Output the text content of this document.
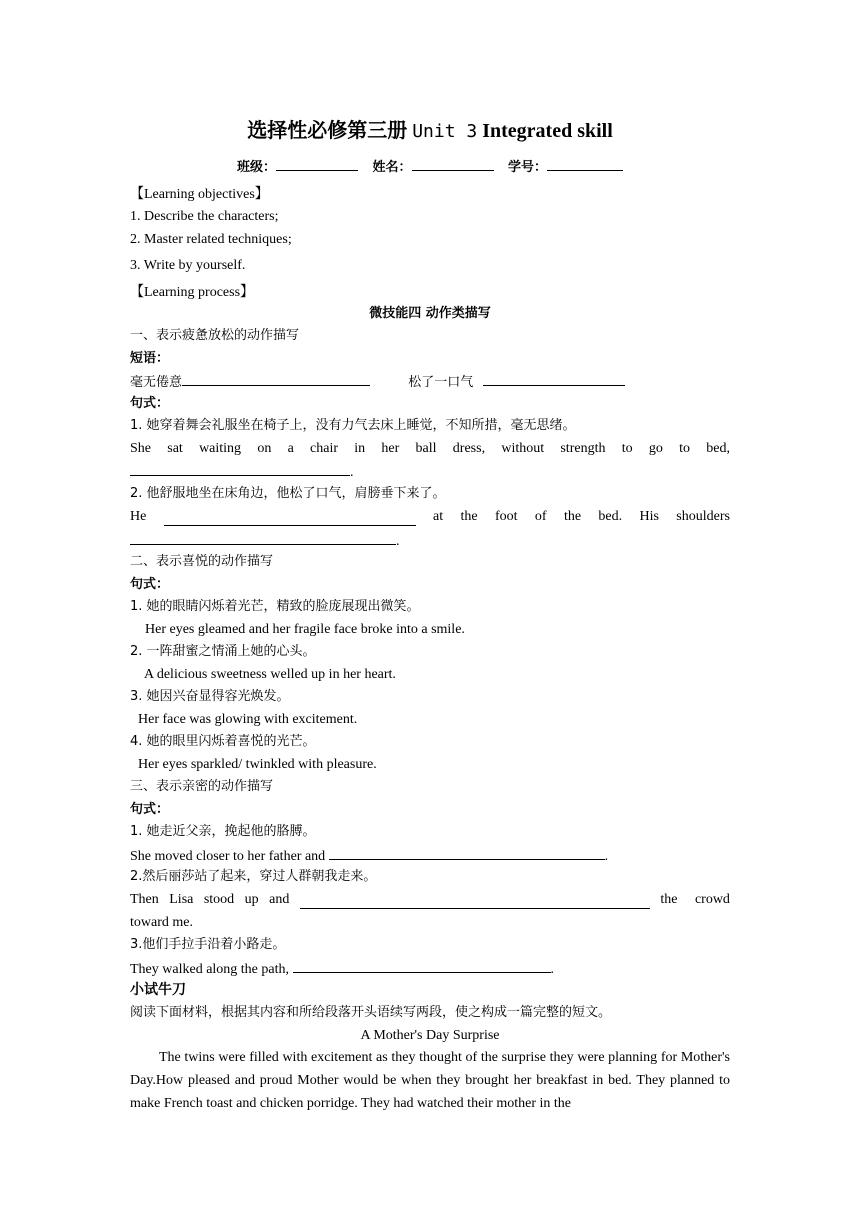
选择性必修第三册 Unit 3 Integrated skill
班级：	姓名：	学号：
【Learning objectives】
1. Describe the characters;
2. Master related techniques;
3. Write by yourself.
【Learning process】
微技能四 动作类描写
一、表示疲惫放松的动作描写
短语：
毫无倦意	松了一口气
句式：
1. 她穿着舞会礼服坐在椅子上，没有力气去床上睡觉，不知所措，毫无思绪。
She sat waiting on a chair in her ball dress, without strength to go to bed,
.
2. 他舒服地坐在床角边，他松了口气，肩膀垂下来了。
He	at the foot of the bed. His shoulders
.
二、表示喜悦的动作描写
句式：
1. 她的眼睛闪烁着光芒，精致的脸庞展现出微笑。
Her eyes gleamed and her fragile face broke into a smile.
2. 一阵甜蜜之情涌上她的心头。
A delicious sweetness welled up in her heart.
3. 她因兴奋显得容光焕发。
Her face was glowing with excitement.
4. 她的眼里闪烁着喜悦的光芒。
Her eyes sparkled/ twinkled with pleasure.
三、表示亲密的动作描写
句式：
1. 她走近父亲，挽起他的胳膊。
She moved closer to her father and	.
2.然后丽莎站了起来，穿过人群朝我走来。
Then Lisa stood up and	the crowd
toward me.
3.他们手拉手沿着小路走。
They walked along the path,	.
小试牛刀
阅读下面材料，根据其内容和所给段落开头语续写两段，使之构成一篇完整的短文。
A Mother's Day Surprise
The twins were filled with excitement as they thought of the surprise they were planning for Mother's Day.How pleased and proud Mother would be when they brought her breakfast in bed. They planned to make French toast and chicken porridge. They had watched their mother in the
